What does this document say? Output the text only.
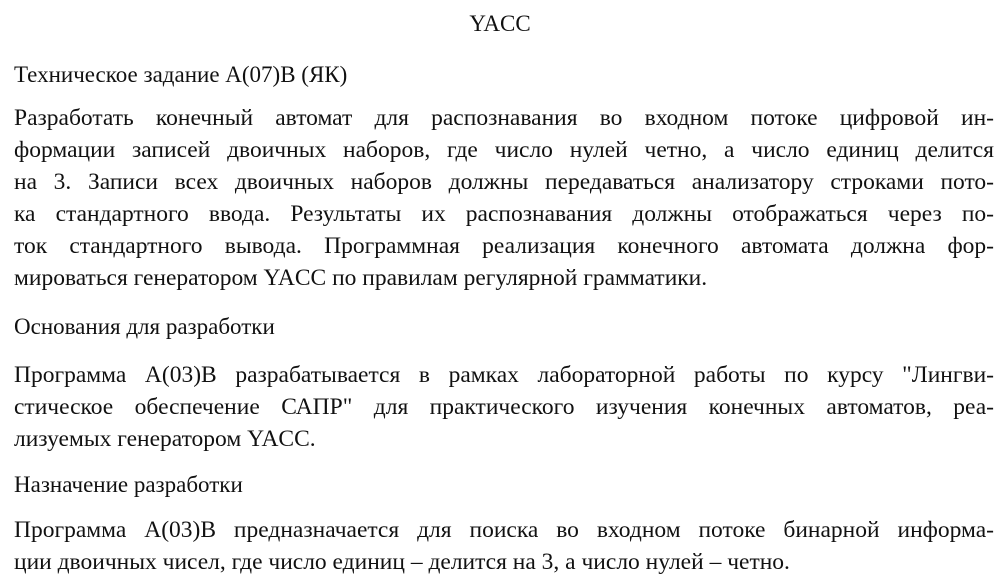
YACC
Техническое задание А(07)В (ЯК)
Разработать конечный автомат для распознавания во входном потоке цифровой ин-
формации записей двоичных наборов, где число нулей четно, а число единиц делится
на 3. Записи всех двоичных наборов должны передаваться анализатору строками пото-
ка стандартного ввода. Результаты их распознавания должны отображаться через по-
ток стандартного вывода. Программная реализация конечного автомата должна фор-
мироваться генератором YACC по правилам регулярной грамматики.
Основания для разработки
Программа А(03)В разрабатывается в рамках лабораторной работы по курсу "Лингви-
стическое обеспечение САПР" для практического изучения конечных автоматов, реа-
лизуемых генератором YACC.
Назначение разработки
Программа А(03)В предназначается для поиска во входном потоке бинарной информа-
ции двоичных чисел, где число единиц – делится на 3, а число нулей – четно.
